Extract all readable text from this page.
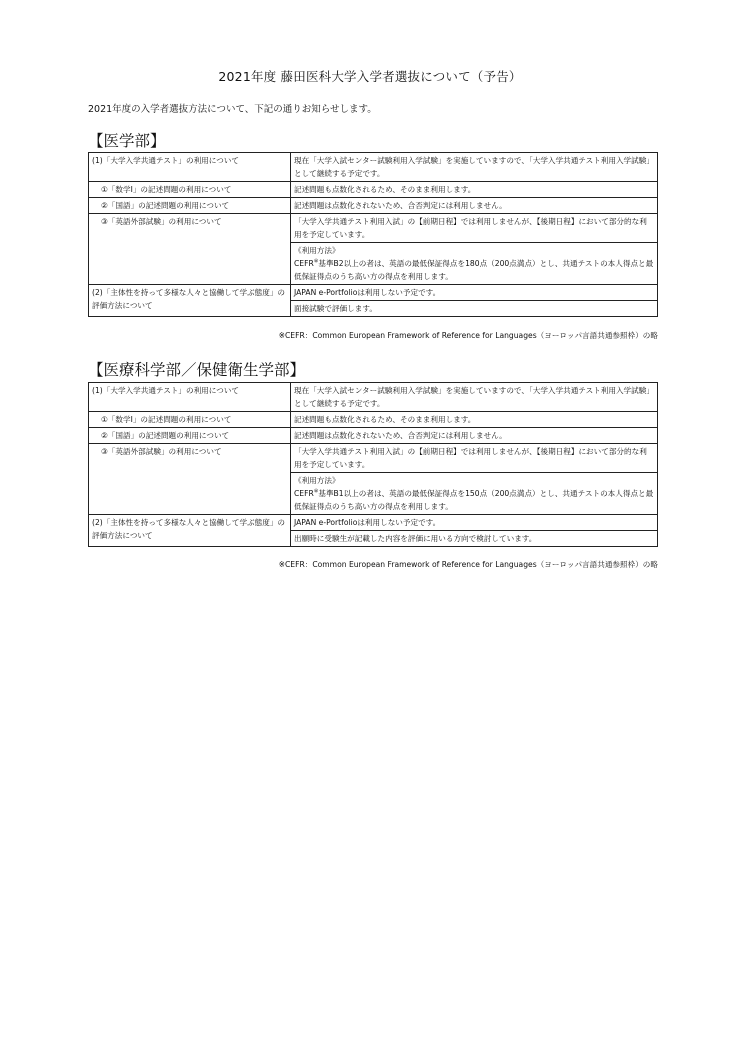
2021年度 藤田医科大学入学者選抜について（予告）
2021年度の入学者選抜方法について、下記の通りお知らせします。
【医学部】
(1)「大学入学共通テスト」の利用について	現在「大学入試センター試験利用入学試験」を実施していますので、「大学入学共通テスト利用入学試験」として継続する予定です。
①「数学Ⅰ」の記述問題の利用について	記述問題も点数化されるため、そのまま利用します。
②「国語」の記述問題の利用について	記述問題は点数化されないため、合否判定には利用しません。
③「英語外部試験」の利用について	「大学入学共通テスト利用入試」の【前期日程】では利用しませんが、【後期日程】において部分的な利用を予定しています。

	《利用方法》
CEFR※基準B2以上の者は、英語の最低保証得点を180点（200点満点）とし、共通テストの本人得点と最低保証得点のうち高い方の得点を利用します。

(2)「主体性を持って多様な人々と協働して学ぶ態度」の評価方法について	JAPAN e-Portfolioは利用しない予定です。
	面接試験で評価します。
※CEFR：Common European Framework of Reference for Languages（ヨーロッパ言語共通参照枠）の略
【医療科学部／保健衛生学部】
(1)「大学入学共通テスト」の利用について	現在「大学入試センター試験利用入学試験」を実施していますので、「大学入学共通テスト利用入学試験」として継続する予定です。
①「数学Ⅰ」の記述問題の利用について	記述問題も点数化されるため、そのまま利用します。
②「国語」の記述問題の利用について	記述問題は点数化されないため、合否判定には利用しません。
③「英語外部試験」の利用について	「大学入学共通テスト利用入試」の【前期日程】では利用しませんが、【後期日程】において部分的な利用を予定しています。

	《利用方法》
CEFR※基準B1以上の者は、英語の最低保証得点を150点（200点満点）とし、共通テストの本人得点と最低保証得点のうち高い方の得点を利用します。

(2)「主体性を持って多様な人々と協働して学ぶ態度」の評価方法について	JAPAN e-Portfolioは利用しない予定です。
	出願時に受験生が記載した内容を評価に用いる方向で検討しています。
※CEFR：Common European Framework of Reference for Languages（ヨーロッパ言語共通参照枠）の略
